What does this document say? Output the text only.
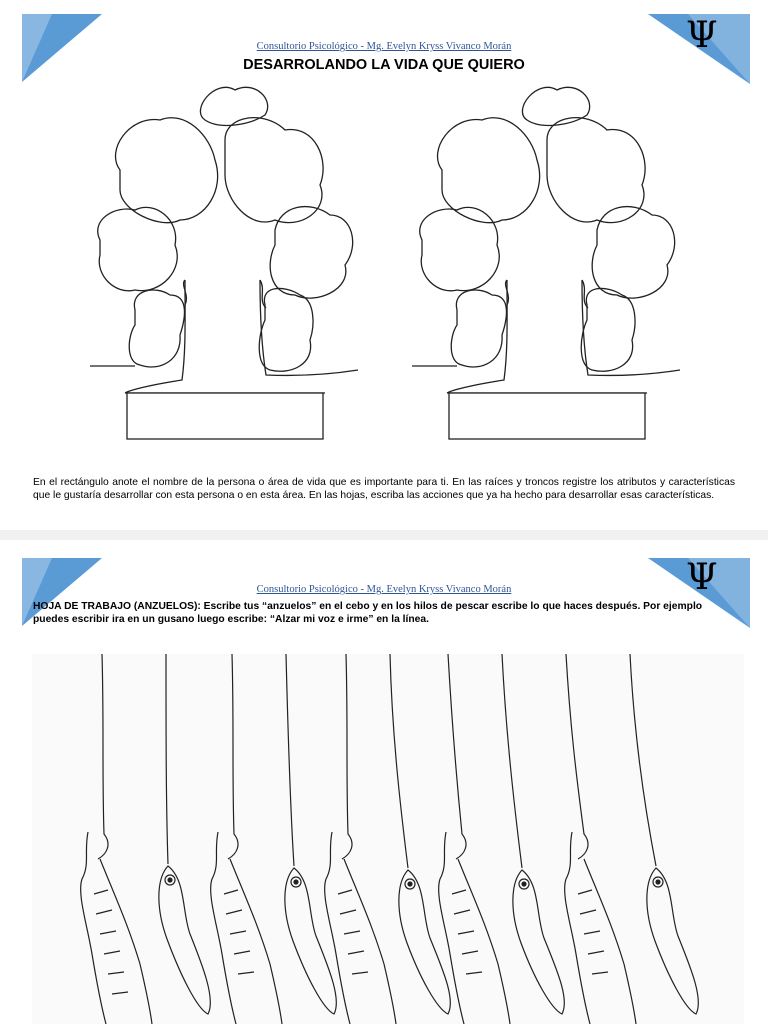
Ψ
Consultorio Psicológico - Mg. Evelyn Kryss Vivanco Morán
DESARROLANDO LA VIDA QUE QUIERO
En el rectángulo anote el nombre de la persona o área de vida que es importante para ti. En las raíces y troncos registre los atributos y características que le gustaría desarrollar con esta persona o en esta área. En las hojas, escriba las acciones que ya ha hecho para desarrollar esas características.
Ψ
Consultorio Psicológico - Mg. Evelyn Kryss Vivanco Morán
HOJA DE TRABAJO (ANZUELOS): Escribe tus “anzuelos” en el cebo y en los hilos de pescar escribe lo que haces después. Por ejemplo puedes escribir ira en un gusano luego escribe: “Alzar mi voz e irme” en la línea.
